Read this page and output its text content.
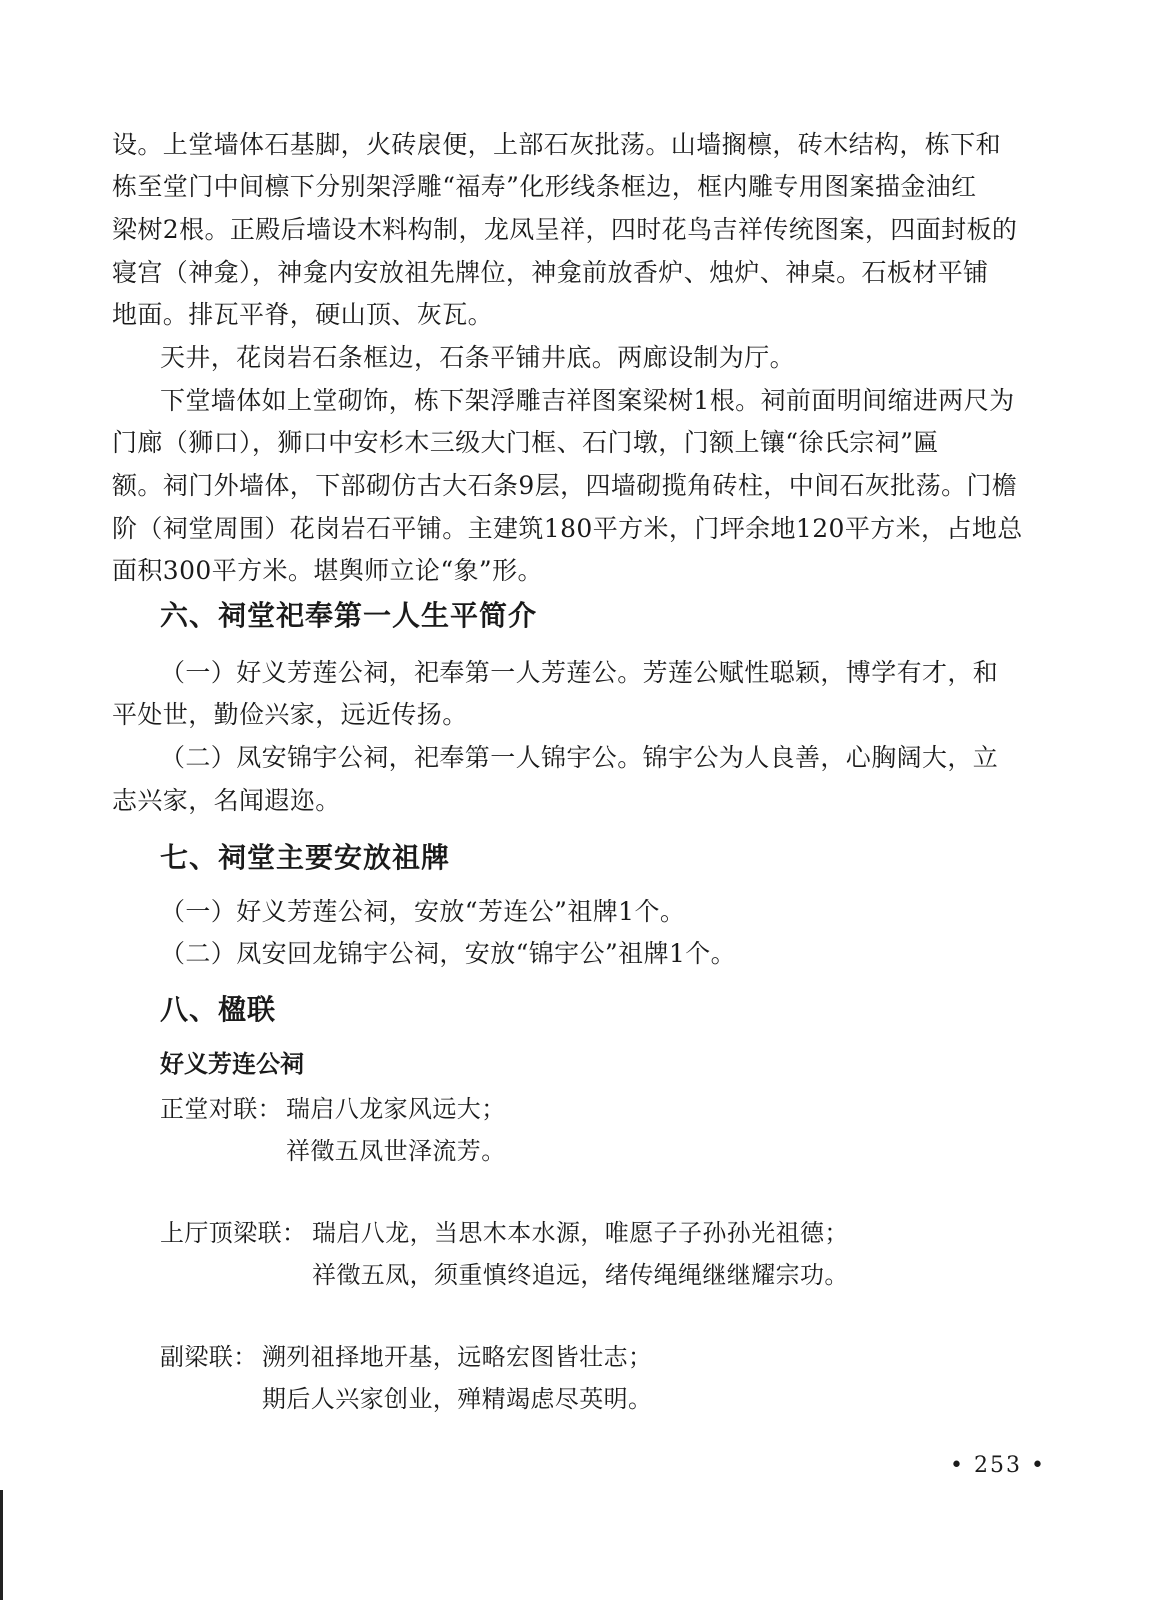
设。上堂墙体石基脚，火砖扆便，上部石灰批荡。山墙搁檩，砖木结构，栋下和
栋至堂门中间檩下分别架浮雕“福寿”化形线条框边，框内雕专用图案描金油红
梁树2根。正殿后墙设木料构制，龙凤呈祥，四时花鸟吉祥传统图案，四面封板的
寝宫（神龛），神龛内安放祖先牌位，神龛前放香炉、烛炉、神桌。石板材平铺
地面。排瓦平脊，硬山顶、灰瓦。
天井，花岗岩石条框边，石条平铺井底。两廊设制为厅。
下堂墙体如上堂砌饰，栋下架浮雕吉祥图案梁树1根。祠前面明间缩进两尺为
门廊（狮口），狮口中安杉木三级大门框、石门墩，门额上镶“徐氏宗祠”匾
额。祠门外墙体，下部砌仿古大石条9层，四墙砌揽角砖柱，中间石灰批荡。门檐
阶（祠堂周围）花岗岩石平铺。主建筑180平方米，门坪余地120平方米，占地总
面积300平方米。堪舆师立论“象”形。
六、祠堂祀奉第一人生平简介
（一）好义芳莲公祠，祀奉第一人芳莲公。芳莲公赋性聪颖，博学有才，和
平处世，勤俭兴家，远近传扬。
（二）凤安锦宇公祠，祀奉第一人锦宇公。锦宇公为人良善，心胸阔大，立
志兴家，名闻遐迩。
七、祠堂主要安放祖牌
（一）好义芳莲公祠，安放“芳连公”祖牌1个。
（二）凤安回龙锦宇公祠，安放“锦宇公”祖牌1个。
八、楹联
好义芳连公祠
正堂对联： 瑞启八龙家风远大；
祥徵五凤世泽流芳。
上厅顶梁联： 瑞启八龙，当思木本水源，唯愿子子孙孙光祖德；
祥徵五凤，须重慎终追远，绪传绳绳继继耀宗功。
副梁联： 溯列祖择地开基，远略宏图皆壮志；
期后人兴家创业，殚精竭虑尽英明。
• 253 •
